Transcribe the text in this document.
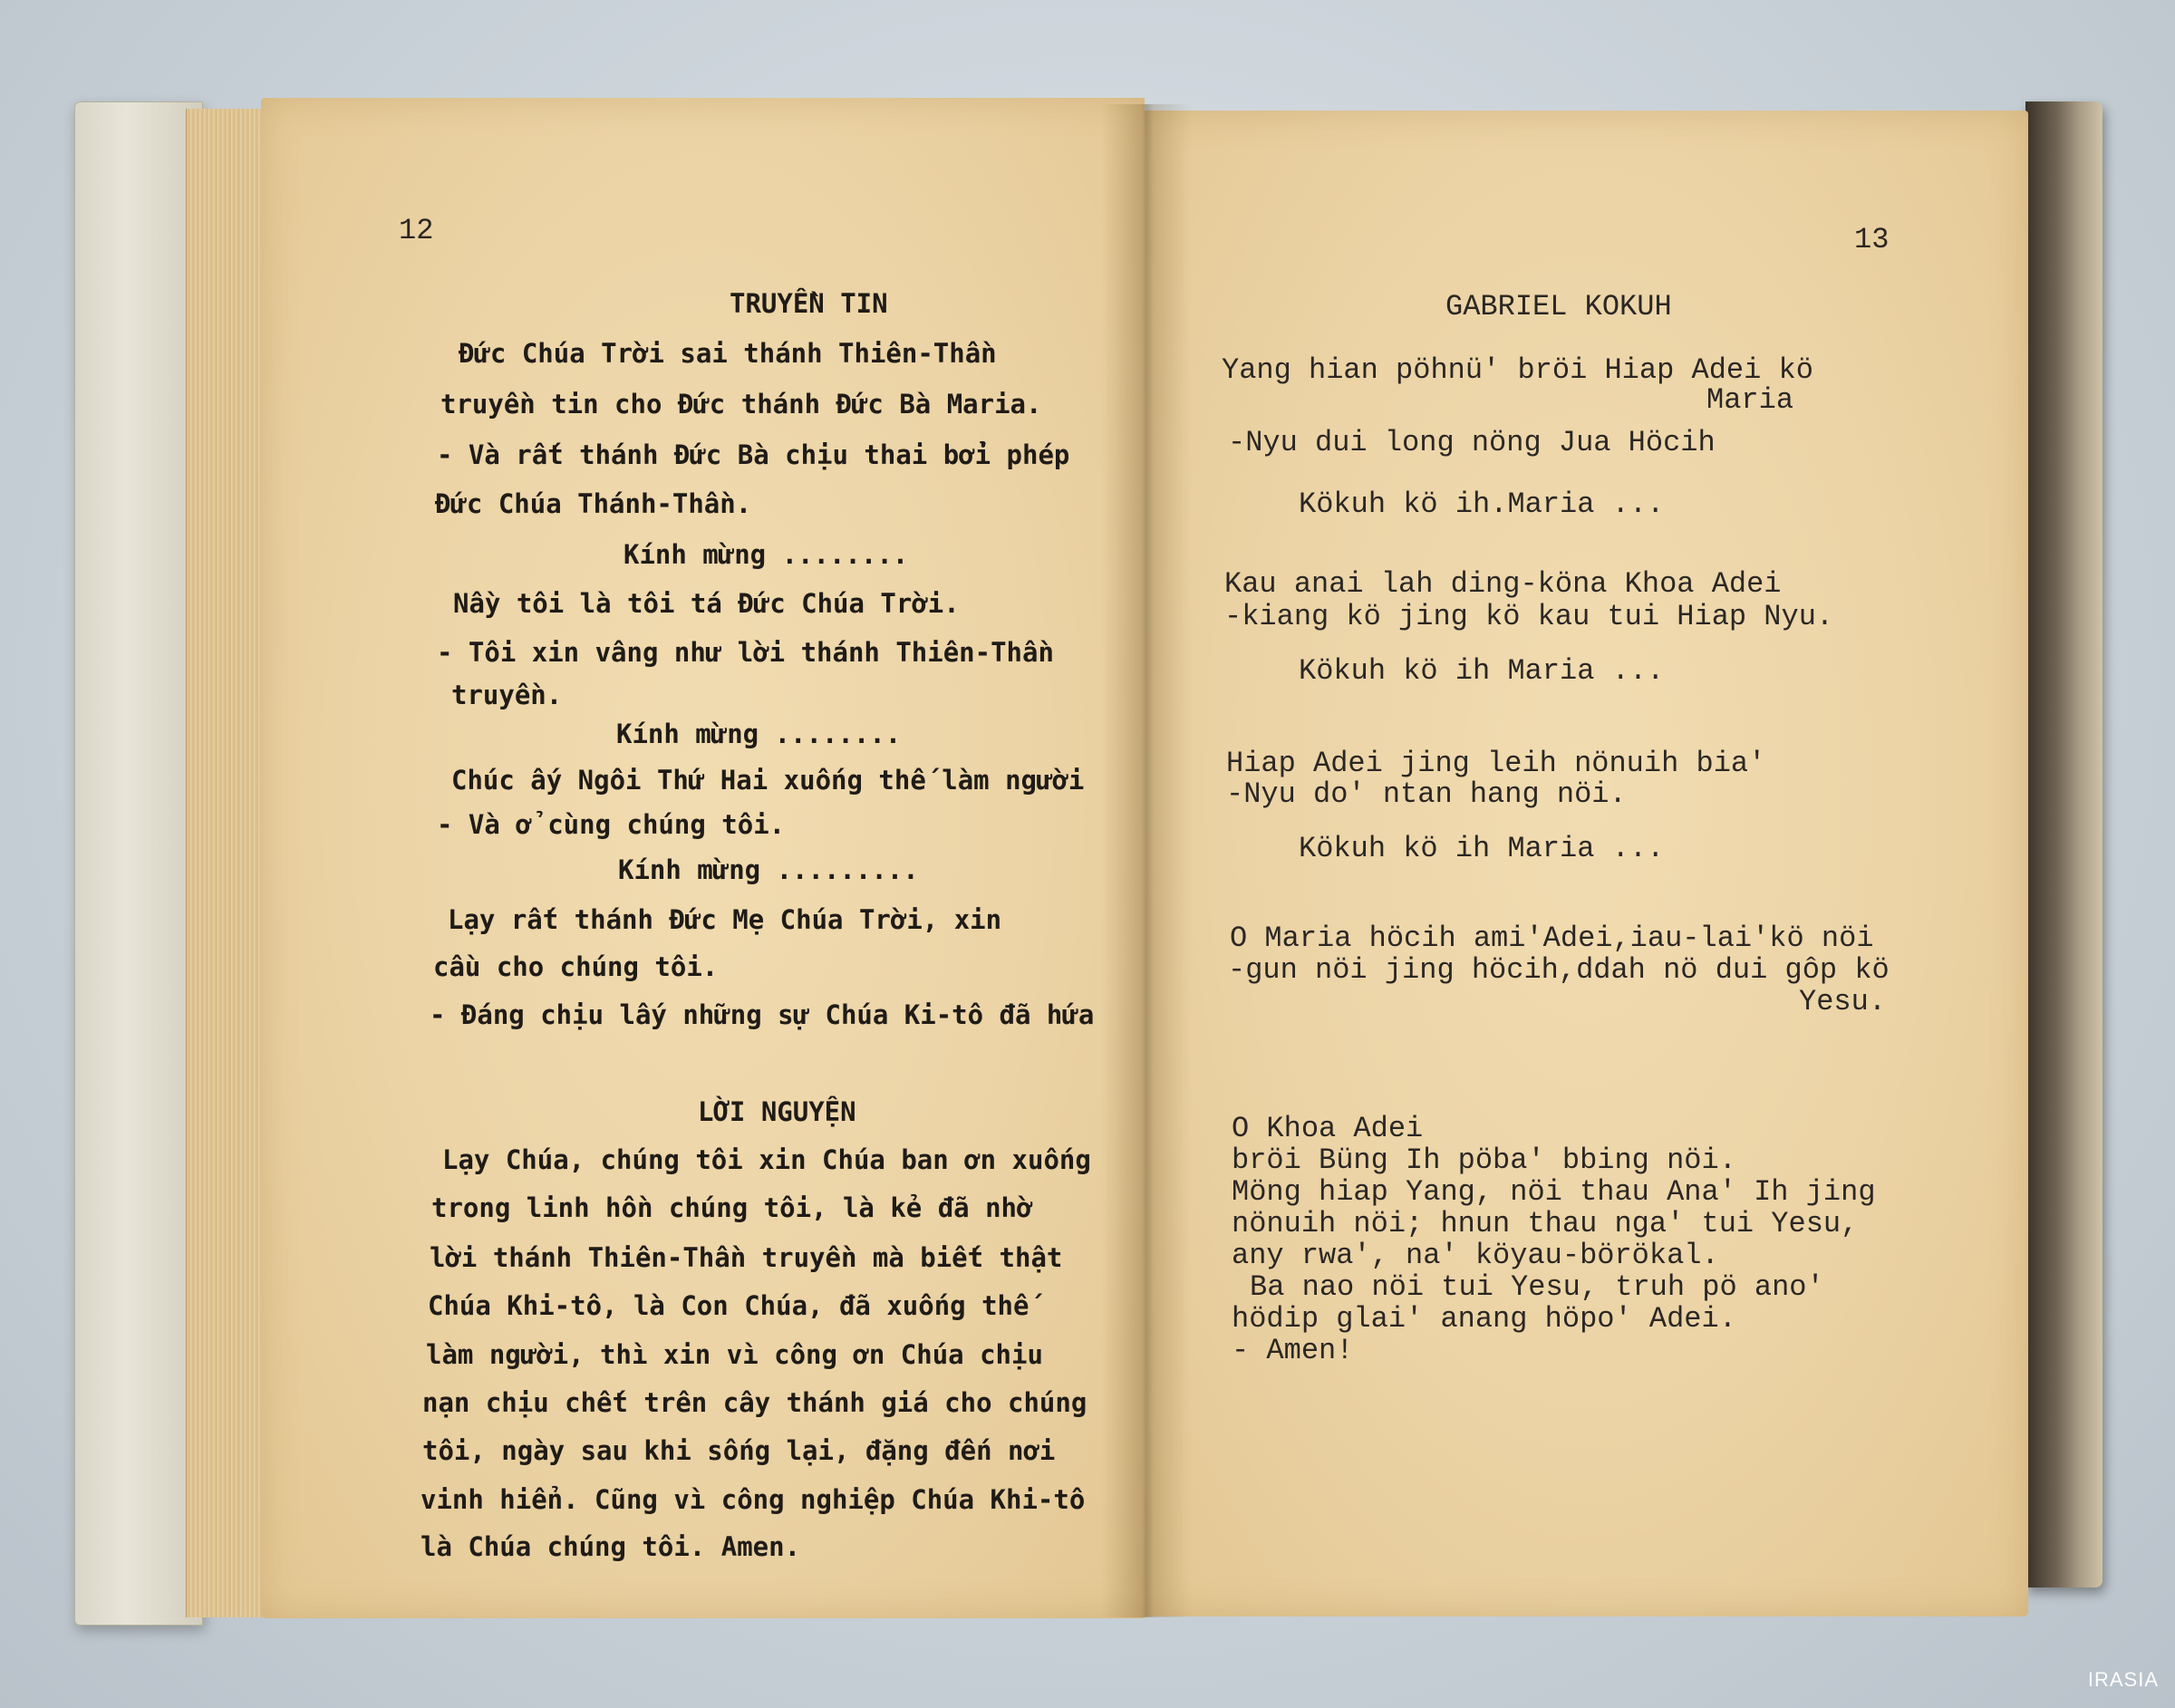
12	13
TRUYỀN TIN
Đức Chúa Trời sai thánh Thiên-Thần
truyền tin cho Đức thánh Đức Bà Maria.
- Và rất thánh Đức Bà chịu thai bởi phép
Đức Chúa Thánh-Thần.
Kính mừng ........
Nầy tôi là tôi tá Đức Chúa Trời.
- Tôi xin vâng như lời thánh Thiên-Thần
truyền.
Kính mừng ........
Chúc ấy Ngôi Thứ Hai xuống thế làm người
- Và ở cùng chúng tôi.
Kính mừng .........
Lạy rất thánh Đức Mẹ Chúa Trời, xin
cầu cho chúng tôi.
- Đáng chịu lấy những sự Chúa Ki-tô đã hứa
LỜI NGUYỆN
Lạy Chúa, chúng tôi xin Chúa ban ơn xuống
trong linh hồn chúng tôi, là kẻ đã nhờ
lời thánh Thiên-Thần truyền mà biết thật
Chúa Khi-tô, là Con Chúa, đã xuống thế
làm người, thì xin vì công ơn Chúa chịu
nạn chịu chết trên cây thánh giá cho chúng
tôi, ngày sau khi sống lại, đặng đến nơi
vinh hiển. Cũng vì công nghiệp Chúa Khi-tô
là Chúa chúng tôi. Amen.
GABRIEL KOKUH
Yang hian pöhnü' bröi Hiap Adei kö
Maria
-Nyu dui long nöng Jua Höcih
Kökuh kö ih.Maria ...
Kau anai lah ding-köna Khoa Adei
-kiang kö jing kö kau tui Hiap Nyu.
Kökuh kö ih Maria ...
Hiap Adei jing leih nönuih bia'
-Nyu do' ntan hang nöi.
Kökuh kö ih Maria ...
O Maria höcih ami'Adei,iau-lai'kö nöi
-gun nöi jing höcih,ddah nö dui gôp kö
Yesu.
O Khoa Adei
bröi Büng Ih pöba' bbing nöi.
Möng hiap Yang, nöi thau Ana' Ih jing
nönuih nöi; hnun thau nga' tui Yesu,
any rwa', na' köyau-börökal.
Ba nao nöi tui Yesu, truh pö ano'
hödip glai' anang höpo' Adei.
- Amen!
IRASIA
